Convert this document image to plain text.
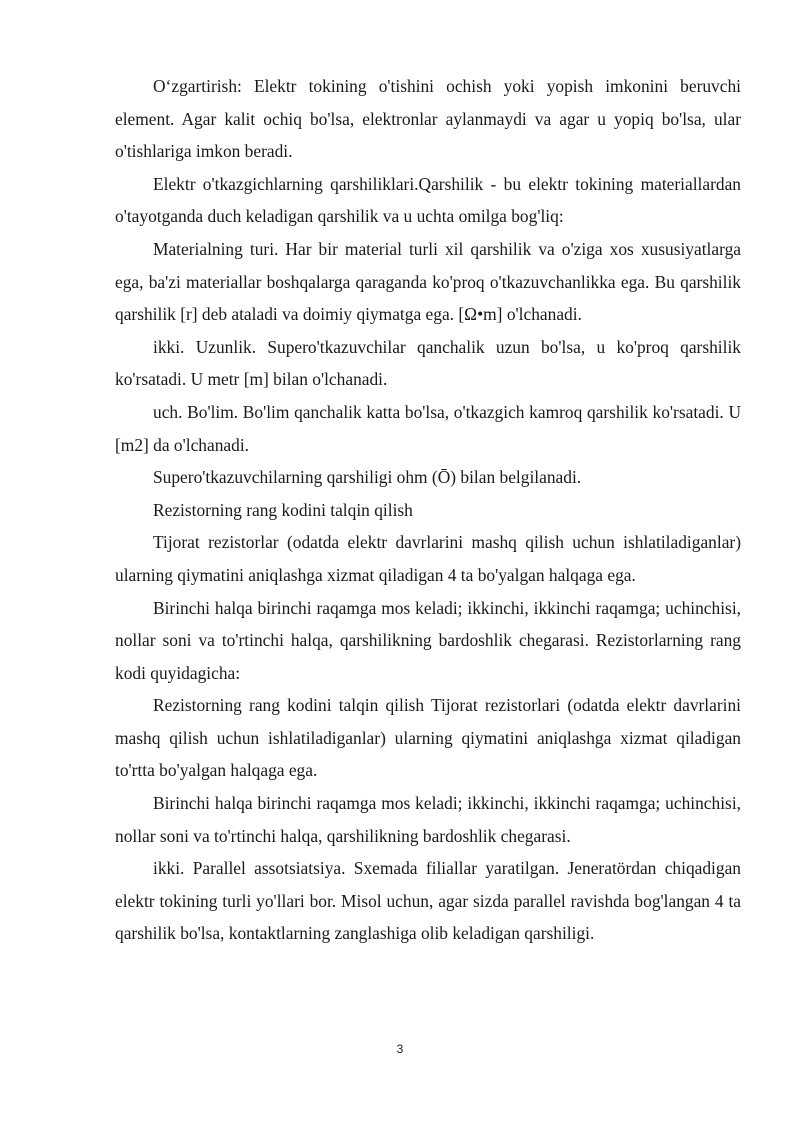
O‘zgartirish: Elektr tokining o'tishini ochish yoki yopish imkonini beruvchi element. Agar kalit ochiq bo'lsa, elektronlar aylanmaydi va agar u yopiq bo'lsa, ular o'tishlariga imkon beradi.

Elektr o'tkazgichlarning qarshiliklari.Qarshilik - bu elektr tokining materiallardan o'tayotganda duch keladigan qarshilik va u uchta omilga bog'liq:

Materialning turi. Har bir material turli xil qarshilik va o'ziga xos xususiyatlarga ega, ba'zi materiallar boshqalarga qaraganda ko'proq o'tkazuvchanlikka ega. Bu qarshilik qarshilik [r] deb ataladi va doimiy qiymatga ega. [Ω•m] o'lchanadi.

ikki. Uzunlik. Supero'tkazuvchilar qanchalik uzun bo'lsa, u ko'proq qarshilik ko'rsatadi. U metr [m] bilan o'lchanadi.

uch. Bo'lim. Bo'lim qanchalik katta bo'lsa, o'tkazgich kamroq qarshilik ko'rsatadi. U [m2] da o'lchanadi.

Supero'tkazuvchilarning qarshiligi ohm (Ō) bilan belgilanadi.

Rezistorning rang kodini talqin qilish

Tijorat rezistorlar (odatda elektr davrlarini mashq qilish uchun ishlatiladiganlar) ularning qiymatini aniqlashga xizmat qiladigan 4 ta bo'yalgan halqaga ega.

Birinchi halqa birinchi raqamga mos keladi; ikkinchi, ikkinchi raqamga; uchinchisi, nollar soni va to'rtinchi halqa, qarshilikning bardoshlik chegarasi. Rezistorlarning rang kodi quyidagicha:

Rezistorning rang kodini talqin qilish Tijorat rezistorlari (odatda elektr davrlarini mashq qilish uchun ishlatiladiganlar) ularning qiymatini aniqlashga xizmat qiladigan to'rtta bo'yalgan halqaga ega.

Birinchi halqa birinchi raqamga mos keladi; ikkinchi, ikkinchi raqamga; uchinchisi, nollar soni va to'rtinchi halqa, qarshilikning bardoshlik chegarasi.

ikki. Parallel assotsiatsiya. Sxemada filiallar yaratilgan. Jeneratördan chiqadigan elektr tokining turli yo'llari bor. Misol uchun, agar sizda parallel ravishda bog'langan 4 ta qarshilik bo'lsa, kontaktlarning zanglashiga olib keladigan qarshiligi.

3
